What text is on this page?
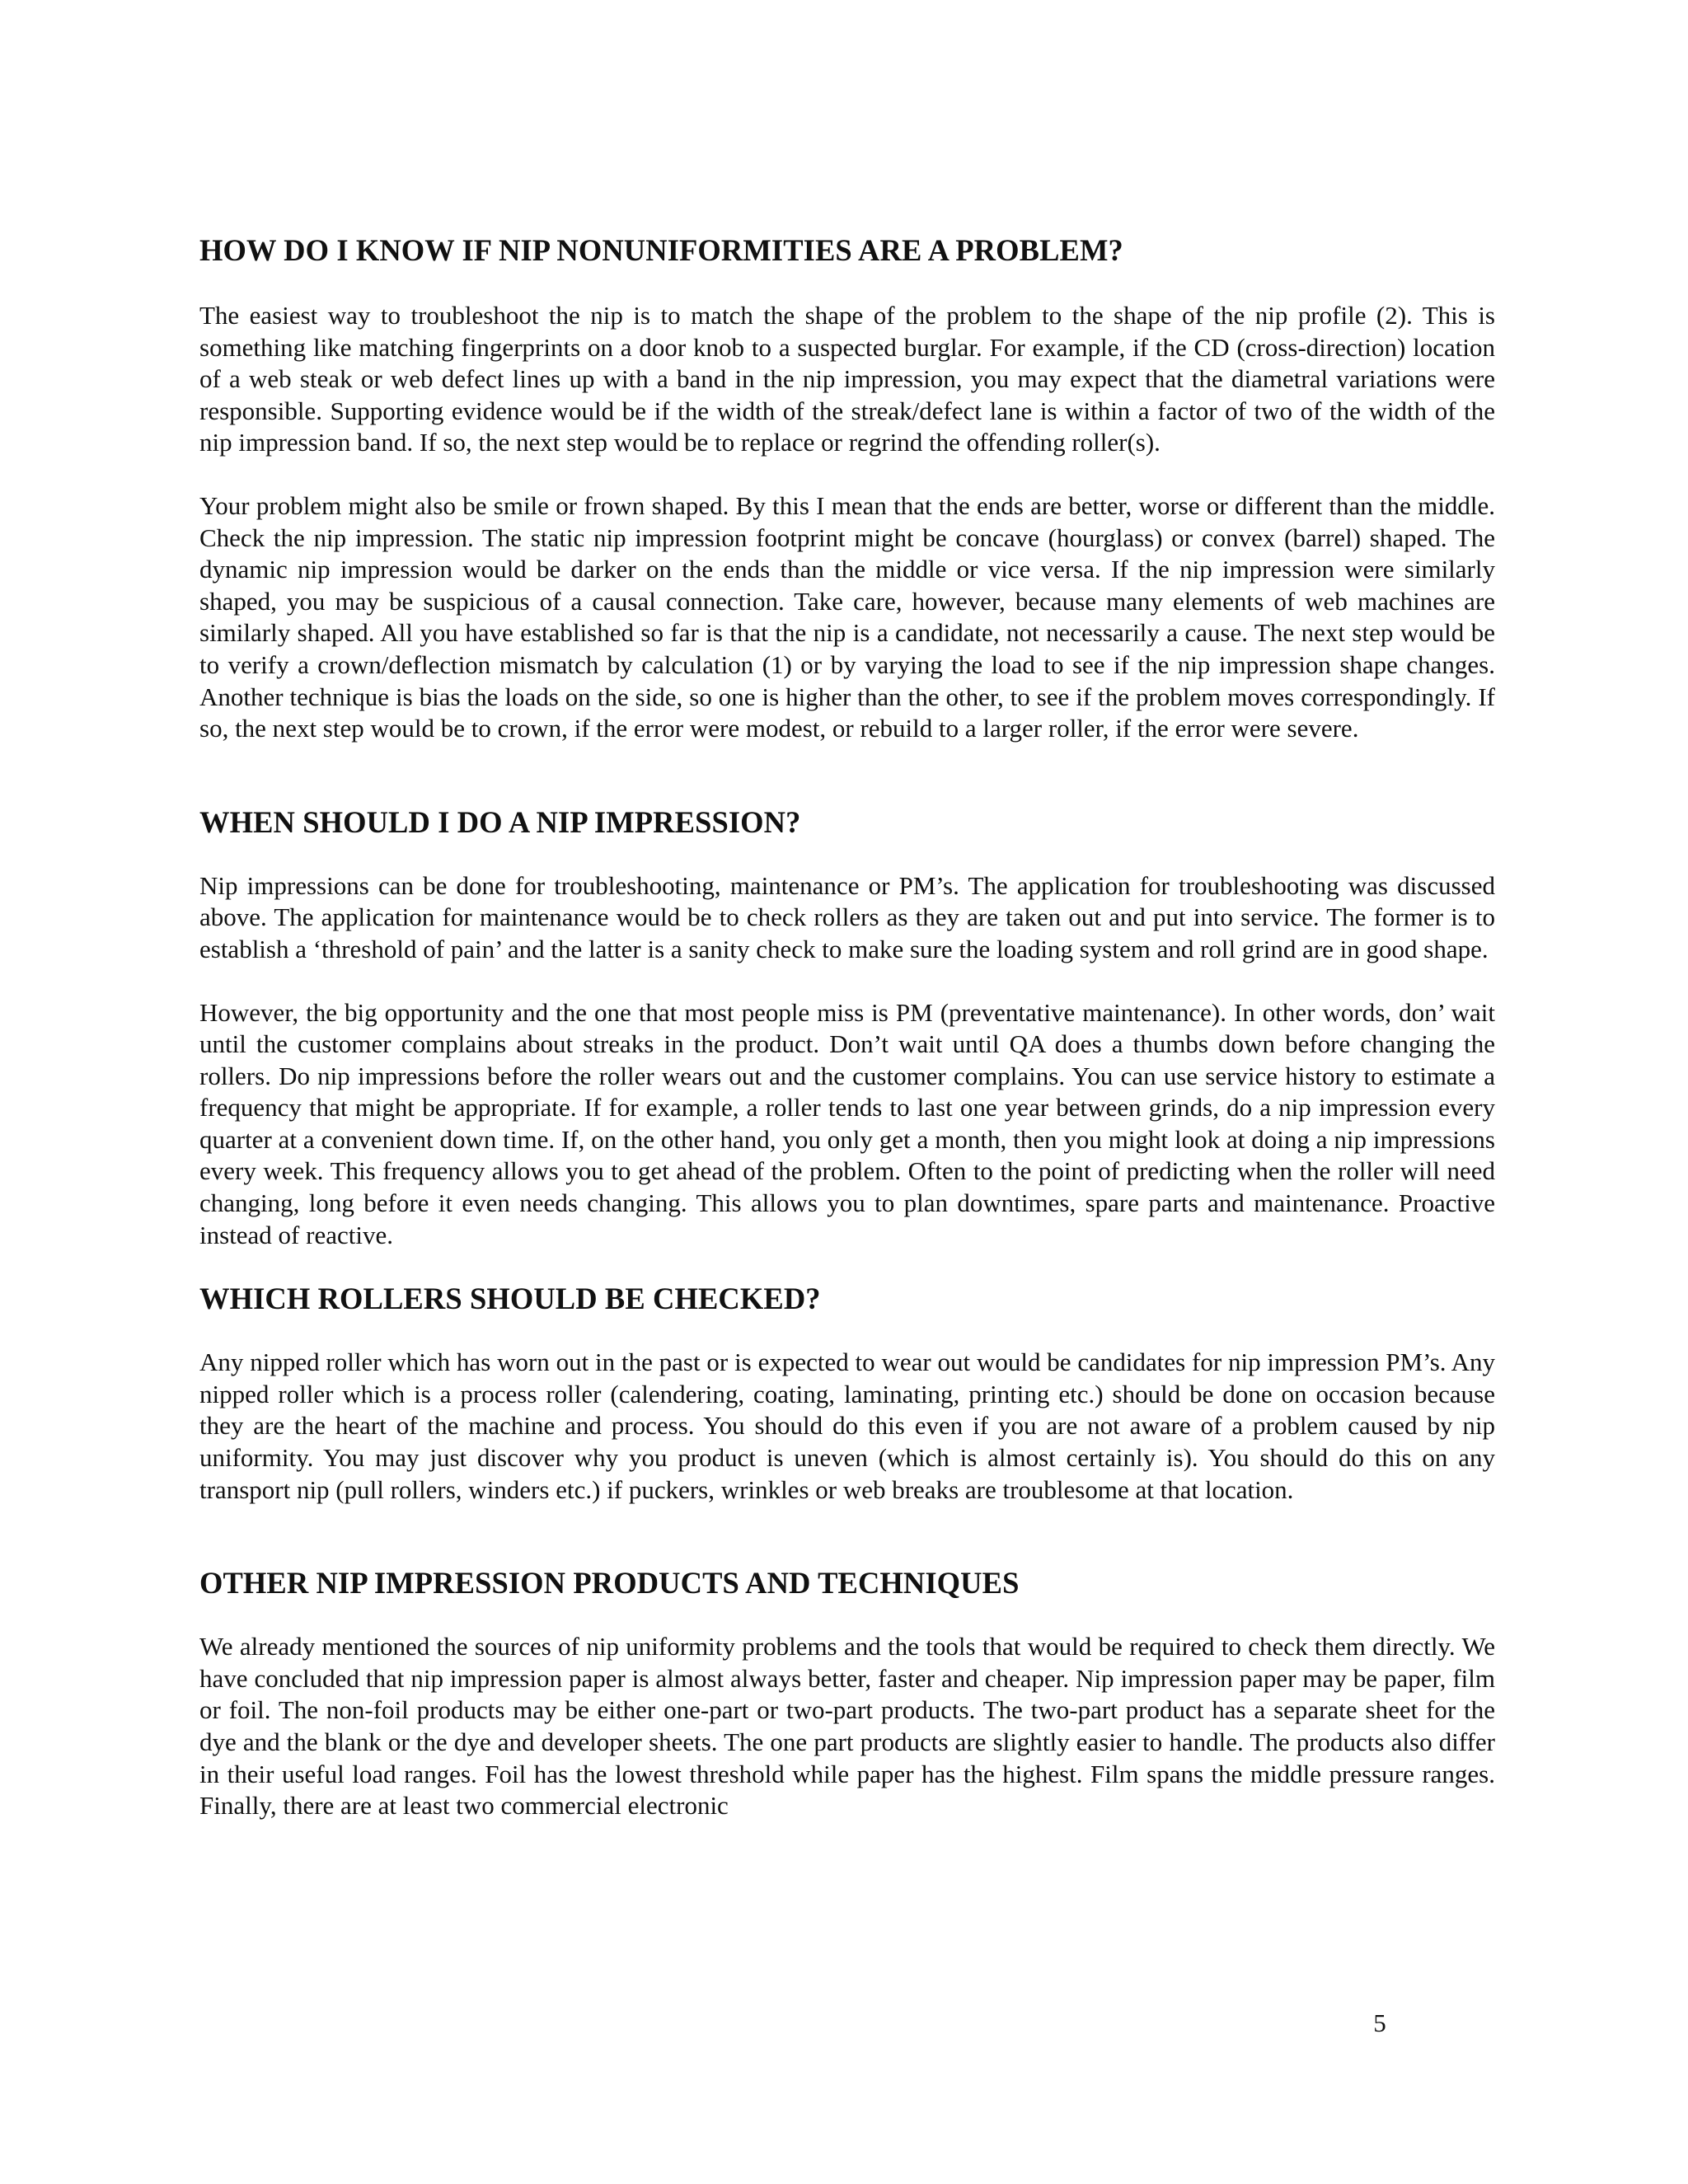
HOW DO I KNOW IF NIP NONUNIFORMITIES ARE A PROBLEM?

The easiest way to troubleshoot the nip is to match the shape of the problem to the shape of the nip profile (2). This is something like matching fingerprints on a door knob to a suspected burglar. For example, if the CD (cross-direction) location of a web steak or web defect lines up with a band in the nip impression, you may expect that the diametral variations were responsible. Supporting evidence would be if the width of the streak/defect lane is within a factor of two of the width of the nip impression band. If so, the next step would be to replace or regrind the offending roller(s).

Your problem might also be smile or frown shaped. By this I mean that the ends are better, worse or different than the middle. Check the nip impression. The static nip impression footprint might be concave (hourglass) or convex (barrel) shaped. The dynamic nip impression would be darker on the ends than the middle or vice versa. If the nip impression were similarly shaped, you may be suspicious of a causal connection. Take care, however, because many elements of web machines are similarly shaped. All you have established so far is that the nip is a candidate, not necessarily a cause. The next step would be to verify a crown/deflection mismatch by calculation (1) or by varying the load to see if the nip impression shape changes. Another technique is bias the loads on the side, so one is higher than the other, to see if the problem moves correspondingly. If so, the next step would be to crown, if the error were modest, or rebuild to a larger roller, if the error were severe.

WHEN SHOULD I DO A NIP IMPRESSION?

Nip impressions can be done for troubleshooting, maintenance or PM’s. The application for troubleshooting was discussed above. The application for maintenance would be to check rollers as they are taken out and put into service. The former is to establish a ‘threshold of pain’ and the latter is a sanity check to make sure the loading system and roll grind are in good shape.

However, the big opportunity and the one that most people miss is PM (preventative maintenance). In other words, don’ wait until the customer complains about streaks in the product. Don’t wait until QA does a thumbs down before changing the rollers. Do nip impressions before the roller wears out and the customer complains. You can use service history to estimate a frequency that might be appropriate. If for example, a roller tends to last one year between grinds, do a nip impression every quarter at a convenient down time. If, on the other hand, you only get a month, then you might look at doing a nip impressions every week. This frequency allows you to get ahead of the problem. Often to the point of predicting when the roller will need changing, long before it even needs changing. This allows you to plan downtimes, spare parts and maintenance. Proactive instead of reactive.

WHICH ROLLERS SHOULD BE CHECKED?

Any nipped roller which has worn out in the past or is expected to wear out would be candidates for nip impression PM’s. Any nipped roller which is a process roller (calendering, coating, laminating, printing etc.) should be done on occasion because they are the heart of the machine and process. You should do this even if you are not aware of a problem caused by nip uniformity. You may just discover why you product is uneven (which is almost certainly is). You should do this on any transport nip (pull rollers, winders etc.) if puckers, wrinkles or web breaks are troublesome at that location.

OTHER NIP IMPRESSION PRODUCTS AND TECHNIQUES

We already mentioned the sources of nip uniformity problems and the tools that would be required to check them directly. We have concluded that nip impression paper is almost always better, faster and cheaper. Nip impression paper may be paper, film or foil. The non-foil products may be either one-part or two-part products. The two-part product has a separate sheet for the dye and the blank or the dye and developer sheets. The one part products are slightly easier to handle. The products also differ in their useful load ranges. Foil has the lowest threshold while paper has the highest. Film spans the middle pressure ranges. Finally, there are at least two commercial electronic

5
